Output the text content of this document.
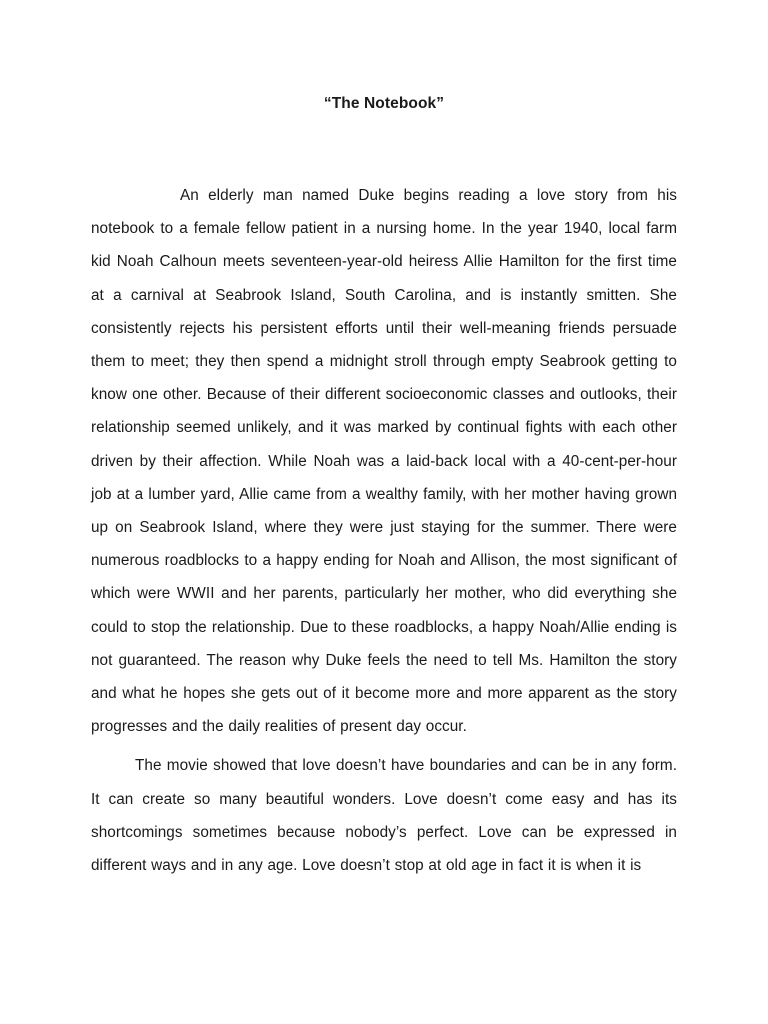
“The Notebook”

An elderly man named Duke begins reading a love story from his notebook to a female fellow patient in a nursing home. In the year 1940, local farm kid Noah Calhoun meets seventeen-year-old heiress Allie Hamilton for the first time at a carnival at Seabrook Island, South Carolina, and is instantly smitten. She consistently rejects his persistent efforts until their well-meaning friends persuade them to meet; they then spend a midnight stroll through empty Seabrook getting to know one other. Because of their different socioeconomic classes and outlooks, their relationship seemed unlikely, and it was marked by continual fights with each other driven by their affection. While Noah was a laid-back local with a 40-cent-per-hour job at a lumber yard, Allie came from a wealthy family, with her mother having grown up on Seabrook Island, where they were just staying for the summer. There were numerous roadblocks to a happy ending for Noah and Allison, the most significant of which were WWII and her parents, particularly her mother, who did everything she could to stop the relationship. Due to these roadblocks, a happy Noah/Allie ending is not guaranteed. The reason why Duke feels the need to tell Ms. Hamilton the story and what he hopes she gets out of it become more and more apparent as the story progresses and the daily realities of present day occur.

The movie showed that love doesn’t have boundaries and can be in any form. It can create so many beautiful wonders. Love doesn’t come easy and has its shortcomings sometimes because nobody’s perfect. Love can be expressed in different ways and in any age. Love doesn’t stop at old age in fact it is when it is
